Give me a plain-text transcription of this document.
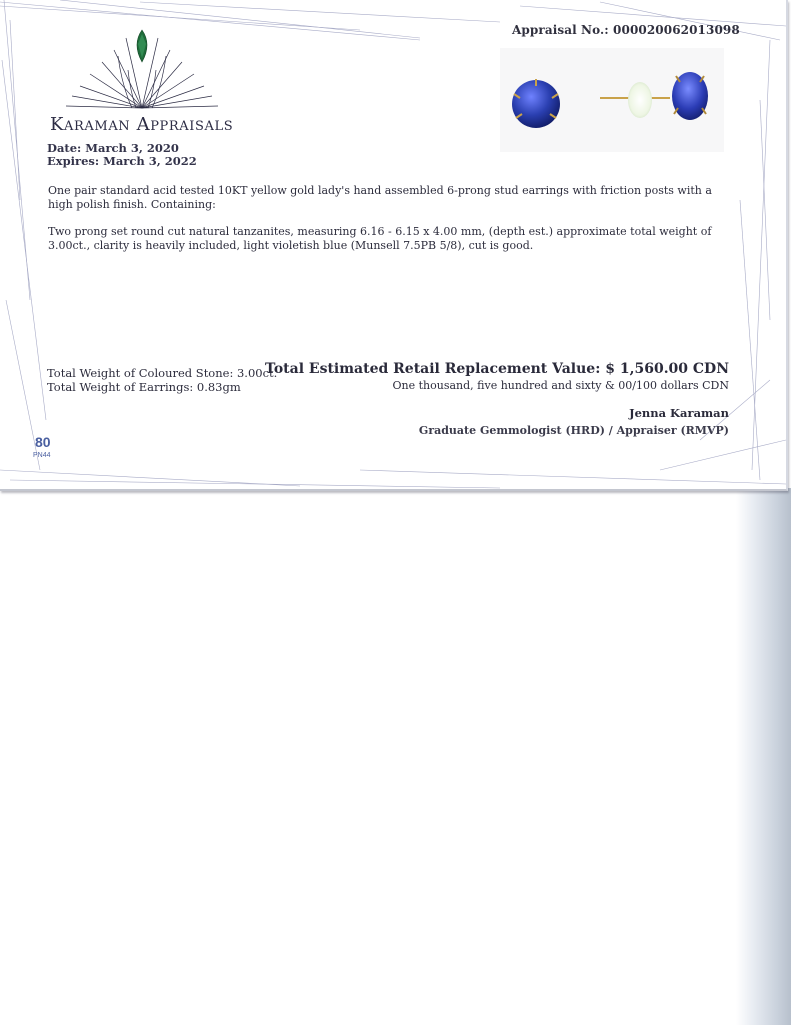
Appraisal No.: 000020062013098
Karaman Appraisals
Date: March 3, 2020
Expires: March 3, 2022
One pair standard acid tested 10KT yellow gold lady's hand assembled 6-prong stud earrings with friction posts with a high polish finish. Containing:
Two prong set round cut natural tanzanites, measuring 6.16 - 6.15 x 4.00 mm, (depth est.) approximate total weight of 3.00ct., clarity is heavily included, light violetish blue (Munsell 7.5PB 5/8), cut is good.
Total Weight of Coloured Stone: 3.00ct.
Total Weight of Earrings: 0.83gm
Total Estimated Retail Replacement Value: $ 1,560.00 CDN
One thousand, five hundred and sixty & 00/100 dollars CDN
Jenna Karaman
Graduate Gemmologist (HRD) / Appraiser (RMVP)
80
PN44
